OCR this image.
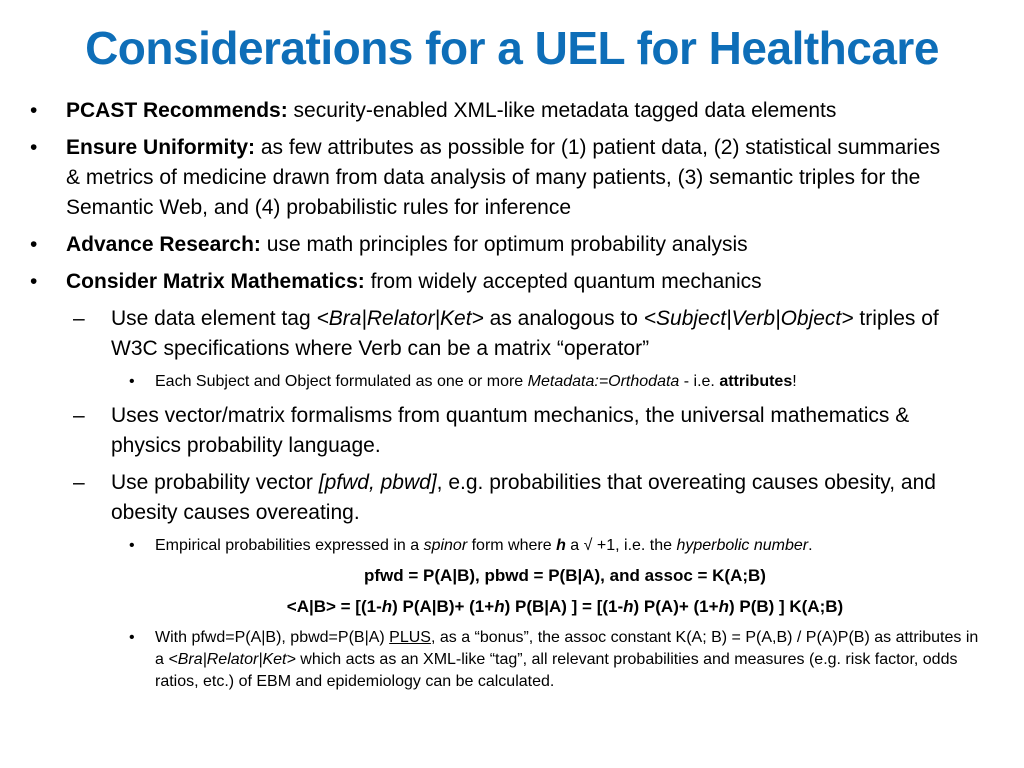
Considerations for a UEL for Healthcare
• PCAST Recommends: security-enabled XML-like metadata tagged data elements
• Ensure Uniformity: as few attributes as possible for (1) patient data, (2) statistical summaries & metrics of medicine drawn from data analysis of many patients, (3) semantic triples for the Semantic Web, and (4) probabilistic rules for inference
• Advance Research: use math principles for optimum probability analysis
• Consider Matrix Mathematics: from widely accepted quantum mechanics
– Use data element tag <Bra|Relator|Ket> as analogous to <Subject|Verb|Object> triples of W3C specifications where Verb can be a matrix “operator”
• Each Subject and Object formulated as one or more Metadata:=Orthodata - i.e. attributes!
– Uses vector/matrix formalisms from quantum mechanics, the universal mathematics & physics probability language.
– Use probability vector [pfwd, pbwd], e.g. probabilities that overeating causes obesity, and obesity causes overeating.
• Empirical probabilities expressed in a spinor form where h a √ +1, i.e. the hyperbolic number.
pfwd = P(A|B), pbwd = P(B|A), and assoc = K(A;B)
<A|B> = [(1-h) P(A|B)+ (1+h) P(B|A) ] = [(1-h) P(A)+ (1+h) P(B) ] K(A;B)
• With pfwd=P(A|B), pbwd=P(B|A) PLUS, as a “bonus”, the assoc constant K(A; B) = P(A,B) / P(A)P(B) as attributes in a <Bra|Relator|Ket> which acts as an XML-like “tag”, all relevant probabilities and measures (e.g. risk factor, odds ratios, etc.) of EBM and epidemiology can be calculated.
